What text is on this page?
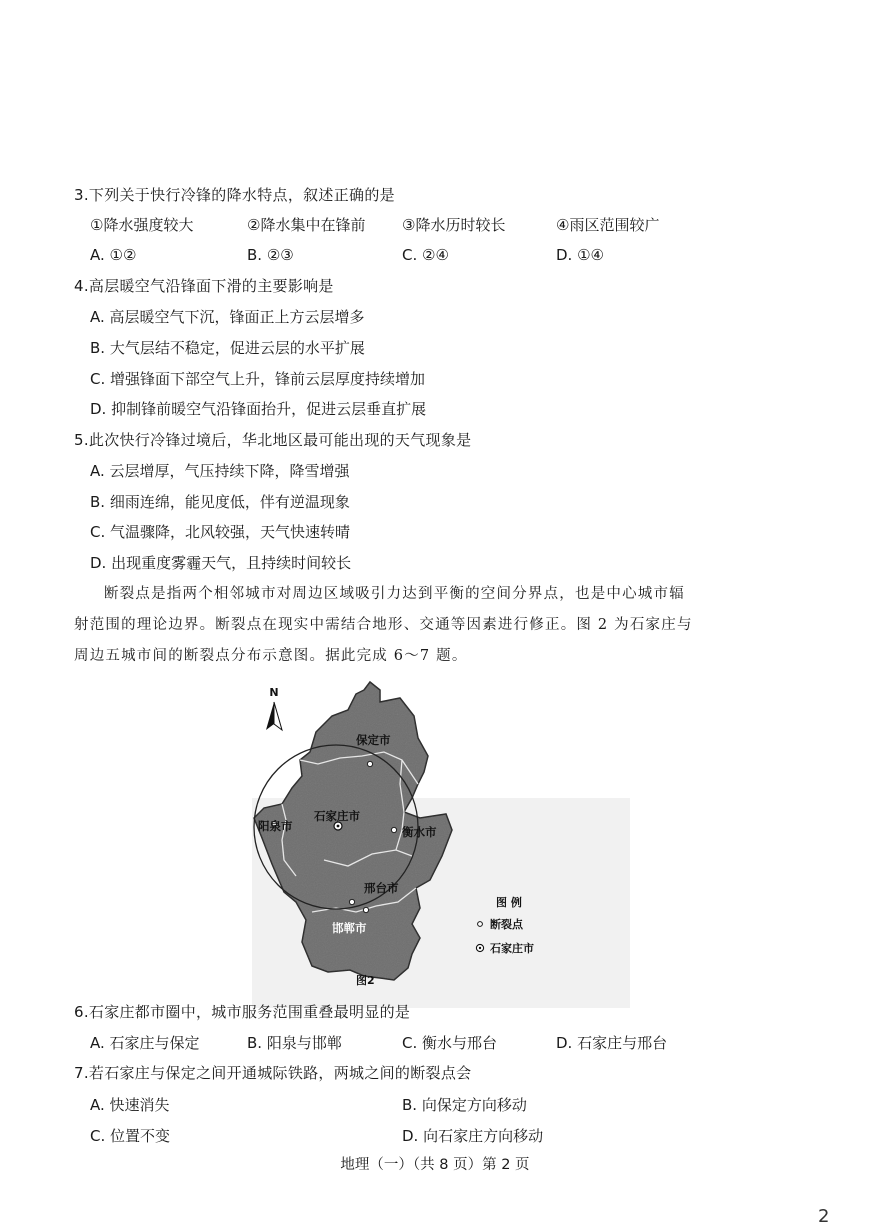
3.下列关于快行冷锋的降水特点，叙述正确的是
①降水强度较大	②降水集中在锋前 ③降水历时较长	④雨区范围较广
A. ①②	B. ②③	C. ②④	D. ①④
4.高层暖空气沿锋面下滑的主要影响是
A. 高层暖空气下沉，锋面正上方云层增多
B. 大气层结不稳定，促进云层的水平扩展
C. 增强锋面下部空气上升，锋前云层厚度持续增加
D. 抑制锋前暖空气沿锋面抬升，促进云层垂直扩展
5.此次快行冷锋过境后，华北地区最可能出现的天气现象是
A. 云层增厚，气压持续下降，降雪增强
B. 细雨连绵，能见度低，伴有逆温现象
C. 气温骤降，北风较强，天气快速转晴
D. 出现重度雾霾天气，且持续时间较长
断裂点是指两个相邻城市对周边区域吸引力达到平衡的空间分界点，也是中心城市辐
射范围的理论边界。断裂点在现实中需结合地形、交通等因素进行修正。图 2 为石家庄与
周边五城市间的断裂点分布示意图。据此完成 6～7 题。
N
保定市
石家庄市
阳泉市	衡水市
邢台市
邯郸市
图 例
断裂点
石家庄市
图2
6.石家庄都市圈中，城市服务范围重叠最明显的是
A. 石家庄与保定	B. 阳泉与邯郸	C. 衡水与邢台	D. 石家庄与邢台
7.若石家庄与保定之间开通城际铁路，两城之间的断裂点会
A. 快速消失	B. 向保定方向移动
C. 位置不变	D. 向石家庄方向移动
地理（一）（共 8 页）第 2 页
2
